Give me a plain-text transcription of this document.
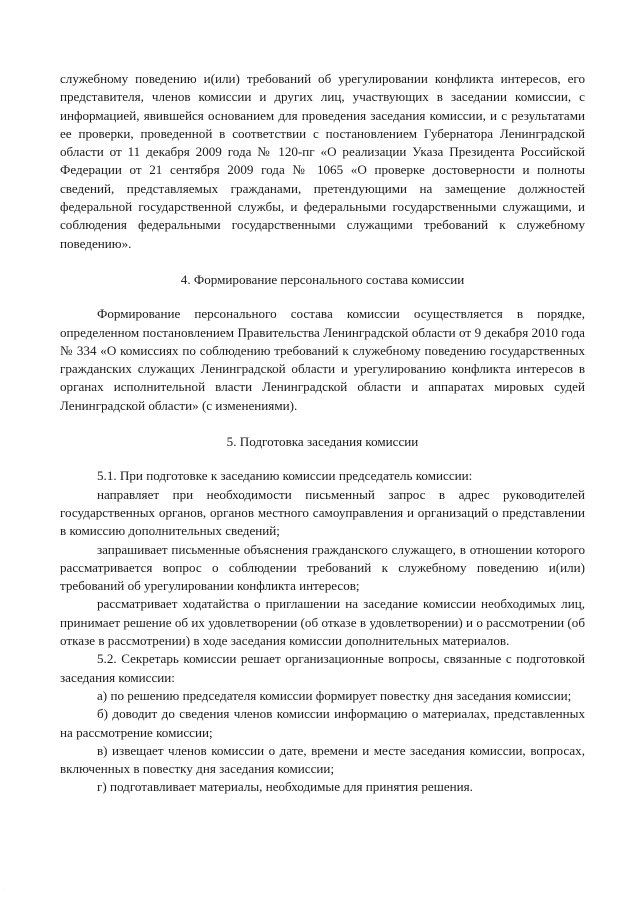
служебному поведению и(или) требований об урегулировании конфликта интересов, его представителя, членов комиссии и других лиц, участвующих в заседании комиссии, с информацией, явившейся основанием для проведения заседания комиссии, и с результатами ее проверки, проведенной в соответствии с постановлением Губернатора Ленинградской области от 11 декабря 2009 года № 120-пг «О реализации Указа Президента Российской Федерации от 21 сентября 2009 года № 1065 «О проверке достоверности и полноты сведений, представляемых гражданами, претендующими на замещение должностей федеральной государственной службы, и федеральными государственными служащими, и соблюдения федеральными государственными служащими требований к служебному поведению».

4. Формирование персонального состава комиссии

Формирование персонального состава комиссии осуществляется в порядке, определенном постановлением Правительства Ленинградской области от 9 декабря 2010 года № 334 «О комиссиях по соблюдению требований к служебному поведению государственных гражданских служащих Ленинградской области и урегулированию конфликта интересов в органах исполнительной власти Ленинградской области и аппаратах мировых судей Ленинградской области» (с изменениями).

5. Подготовка заседания комиссии

5.1. При подготовке к заседанию комиссии председатель комиссии:

направляет при необходимости письменный запрос в адрес руководителей государственных органов, органов местного самоуправления и организаций о представлении в комиссию дополнительных сведений;

запрашивает письменные объяснения гражданского служащего, в отношении которого рассматривается вопрос о соблюдении требований к служебному поведению и(или) требований об урегулировании конфликта интересов;

рассматривает ходатайства о приглашении на заседание комиссии необходимых лиц, принимает решение об их удовлетворении (об отказе в удовлетворении) и о рассмотрении (об отказе в рассмотрении) в ходе заседания комиссии дополнительных материалов.

5.2. Секретарь комиссии решает организационные вопросы, связанные с подготовкой заседания комиссии:

а) по решению председателя комиссии формирует повестку дня заседания комиссии;

б) доводит до сведения членов комиссии информацию о материалах, представленных на рассмотрение комиссии;

в) извещает членов комиссии о дате, времени и месте заседания комиссии, вопросах, включенных в повестку дня заседания комиссии;

г) подготавливает материалы, необходимые для принятия решения.

·
